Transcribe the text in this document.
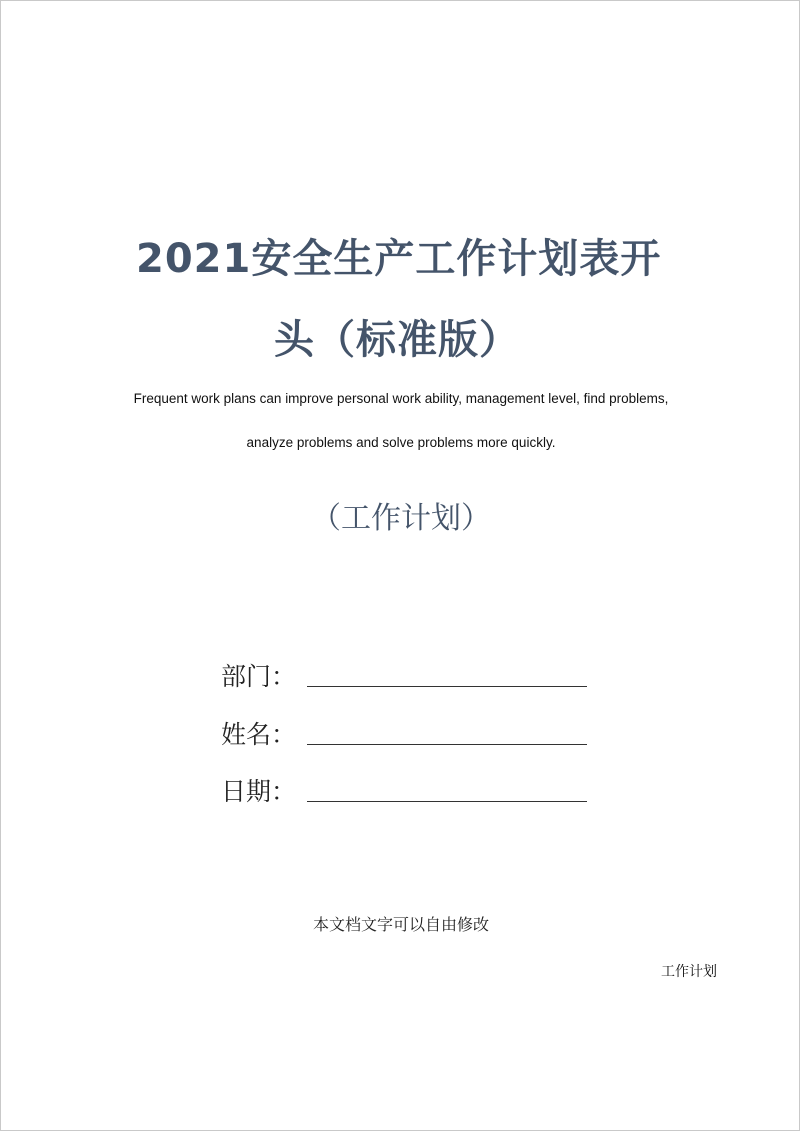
2021安全生产工作计划表开
头（标准版）
Frequent work plans can improve personal work ability, management level, find problems,
analyze problems and solve problems more quickly.
（工作计划）
部门：
姓名：
日期：
本文档文字可以自由修改
工作计划
